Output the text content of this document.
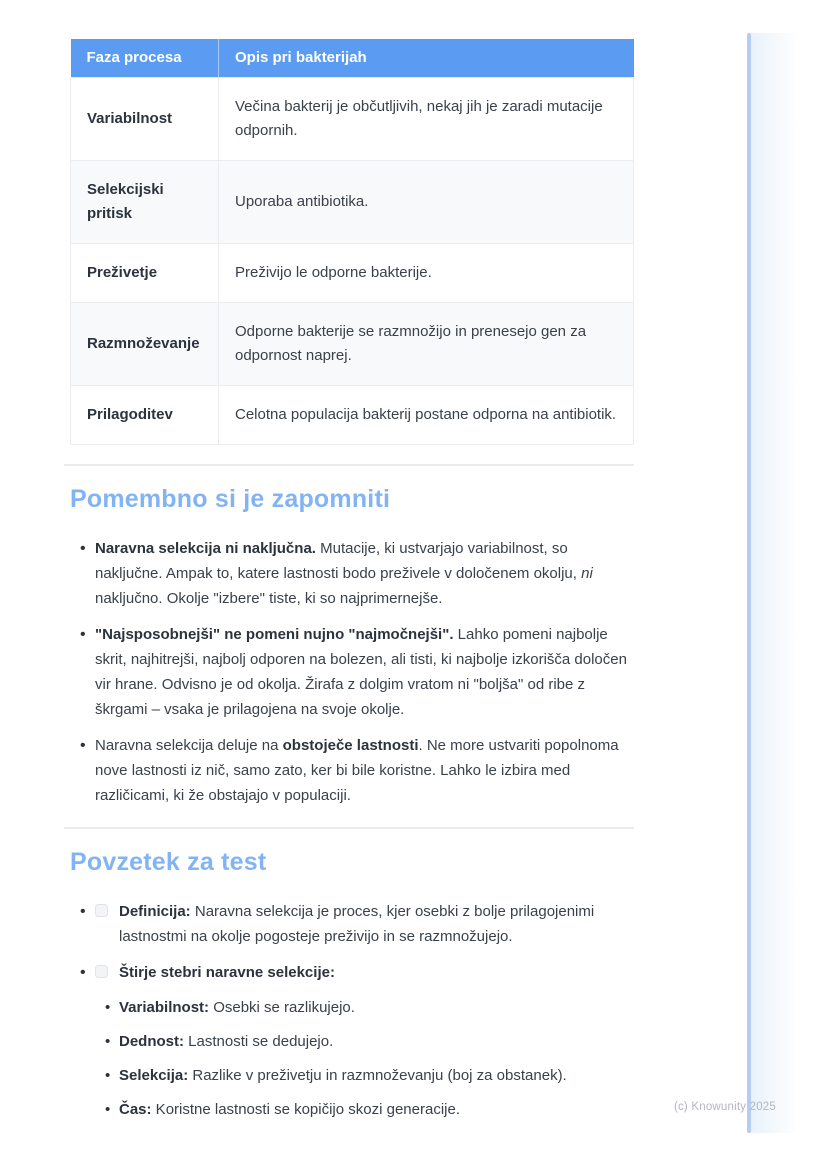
Faza procesa	Opis pri bakterijah
Variabilnost	Večina bakterij je občutljivih, nekaj jih je zaradi mutacije odpornih.
Selekcijski pritisk	Uporaba antibiotika.
Preživetje	Preživijo le odporne bakterije.
Razmnoževanje	Odporne bakterije se razmnožijo in prenesejo gen za odpornost naprej.
Prilagoditev	Celotna populacija bakterij postane odporna na antibiotik.
Pomembno si je zapomniti
• Naravna selekcija ni naključna. Mutacije, ki ustvarjajo variabilnost, so naključne. Ampak to, katere lastnosti bodo preživele v določenem okolju, ni naključno. Okolje "izbere" tiste, ki so najprimernejše.
• "Najsposobnejši" ne pomeni nujno "najmočnejši". Lahko pomeni najbolje skrit, najhitrejši, najbolj odporen na bolezen, ali tisti, ki najbolje izkorišča določen vir hrane. Odvisno je od okolja. Žirafa z dolgim vratom ni "boljša" od ribe z škrgami – vsaka je prilagojena na svoje okolje.
• Naravna selekcija deluje na obstoječe lastnosti. Ne more ustvariti popolnoma nove lastnosti iz nič, samo zato, ker bi bile koristne. Lahko le izbira med različicami, ki že obstajajo v populaciji.
Povzetek za test
•	Definicija: Naravna selekcija je proces, kjer osebki z bolje prilagojenimi lastnostmi na okolje pogosteje preživijo in se razmnožujejo.
•	Štirje stebri naravne selekcije:
• Variabilnost: Osebki se razlikujejo.
• Dednost: Lastnosti se dedujejo.
• Selekcija: Razlike v preživetju in razmnoževanju (boj za obstanek).
• Čas: Koristne lastnosti se kopičijo skozi generacije.	(c) Knowunity 2025
